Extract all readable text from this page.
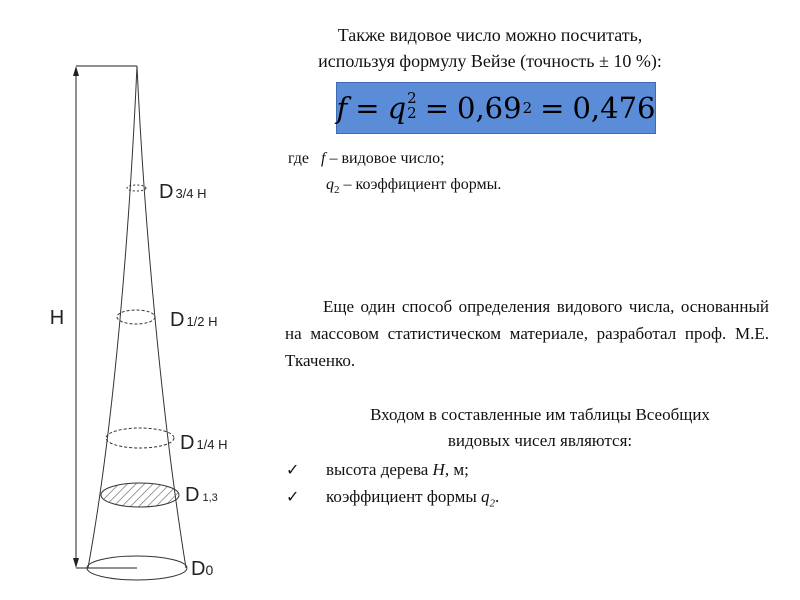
H
D 3/4 H
D 1/2 H
D 1/4 H
D 1,3
D0
Также видовое число можно посчитать,
используя формулу Вейзе (точность ± 10 %):
f = q 2
2 = 0,69 2 = 0,476
где f – видовое число;
$q_2$ – коэффициент формы.
Еще один способ определения видового числа, основанный на массовом статистическом материале, разработал проф. М.Е. Ткаченко.
Входом в составленные им таблицы Всеобщих
видовых чисел являются:
✓	высота дерева H, м;
✓	коэффициент формы $q_2$.
